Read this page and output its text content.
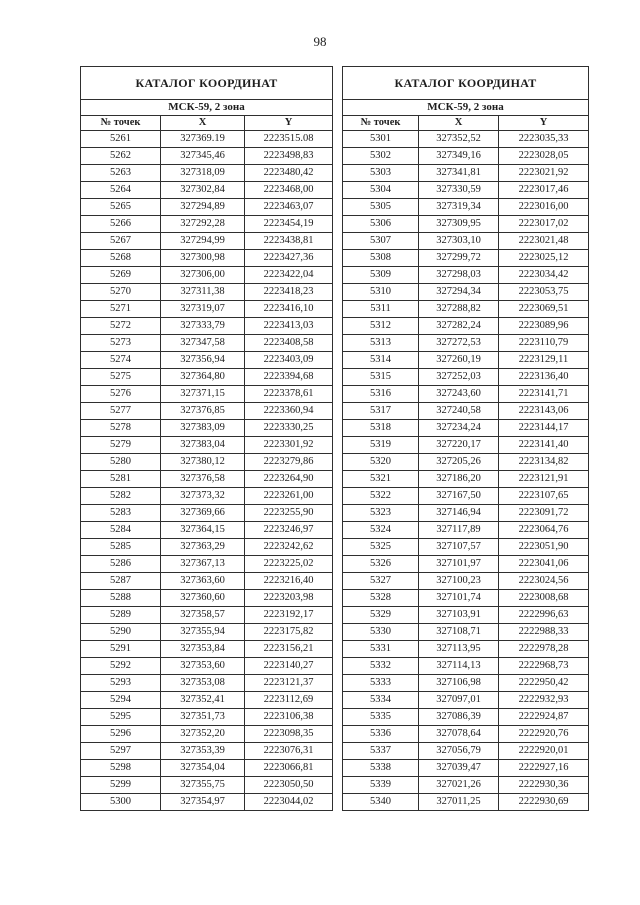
98
КАТАЛОГ КООРДИНАТ		
МСК-59, 2 зона		
№ точек	X	Y
5261	327369.19	2223515.08
5262	327345,46	2223498,83
5263	327318,09	2223480,42
5264	327302,84	2223468,00
5265	327294,89	2223463,07
5266	327292,28	2223454,19
5267	327294,99	2223438,81
5268	327300,98	2223427,36
5269	327306,00	2223422,04
5270	327311,38	2223418,23
5271	327319,07	2223416,10
5272	327333,79	2223413,03
5273	327347,58	2223408,58
5274	327356,94	2223403,09
5275	327364,80	2223394,68
5276	327371,15	2223378,61
5277	327376,85	2223360,94
5278	327383,09	2223330,25
5279	327383,04	2223301,92
5280	327380,12	2223279,86
5281	327376,58	2223264,90
5282	327373,32	2223261,00
5283	327369,66	2223255,90
5284	327364,15	2223246,97
5285	327363,29	2223242,62
5286	327367,13	2223225,02
5287	327363,60	2223216,40
5288	327360,60	2223203,98
5289	327358,57	2223192,17
5290	327355,94	2223175,82
5291	327353,84	2223156,21
5292	327353,60	2223140,27
5293	327353,08	2223121,37
5294	327352,41	2223112,69
5295	327351,73	2223106,38
5296	327352,20	2223098,35
5297	327353,39	2223076,31
5298	327354,04	2223066,81
5299	327355,75	2223050,50
5300	327354,97	2223044,02
КАТАЛОГ КООРДИНАТ		
МСК-59, 2 зона		
№ точек	X	Y
5301	327352,52	2223035,33
5302	327349,16	2223028,05
5303	327341,81	2223021,92
5304	327330,59	2223017,46
5305	327319,34	2223016,00
5306	327309,95	2223017,02
5307	327303,10	2223021,48
5308	327299,72	2223025,12
5309	327298,03	2223034,42
5310	327294,34	2223053,75
5311	327288,82	2223069,51
5312	327282,24	2223089,96
5313	327272,53	2223110,79
5314	327260,19	2223129,11
5315	327252,03	2223136,40
5316	327243,60	2223141,71
5317	327240,58	2223143,06
5318	327234,24	2223144,17
5319	327220,17	2223141,40
5320	327205,26	2223134,82
5321	327186,20	2223121,91
5322	327167,50	2223107,65
5323	327146,94	2223091,72
5324	327117,89	2223064,76
5325	327107,57	2223051,90
5326	327101,97	2223041,06
5327	327100,23	2223024,56
5328	327101,74	2223008,68
5329	327103,91	2222996,63
5330	327108,71	2222988,33
5331	327113,95	2222978,28
5332	327114,13	2222968,73
5333	327106,98	2222950,42
5334	327097,01	2222932,93
5335	327086,39	2222924,87
5336	327078,64	2222920,76
5337	327056,79	2222920,01
5338	327039,47	2222927,16
5339	327021,26	2222930,36
5340	327011,25	2222930,69
